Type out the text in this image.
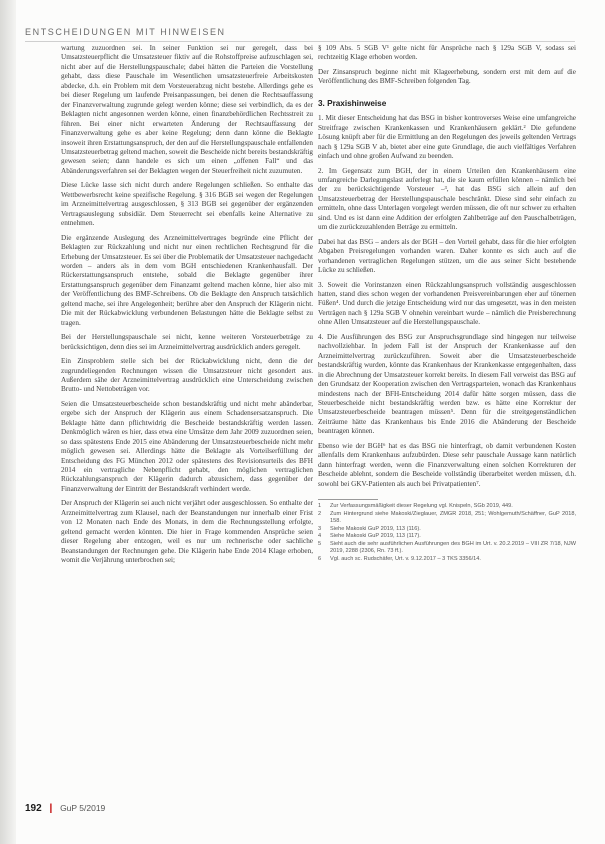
ENTSCHEIDUNGEN MIT HINWEISEN

wartung zuzuordnen sei. In seiner Funktion sei nur geregelt, dass bei Umsatzsteuerpflicht die Umsatzsteuer fiktiv auf die Rohstoffpreise aufzuschlagen sei, nicht aber auf die Herstellungspauschale; dabei hätten die Parteien die Vorstellung gehabt, dass diese Pauschale im Wesentlichen umsatzsteuerfreie Arbeitskosten abdecke, d.h. ein Problem mit dem Vorsteuerabzug nicht bestehe. Allerdings gehe es bei dieser Regelung um laufende Preisanpassungen, bei denen die Rechtsauffassung der Finanzverwaltung zugrunde gelegt werden könne; diese sei verbindlich, da es der Beklagten nicht angesonnen werden könne, einen finanzbehördlichen Rechtsstreit zu führen. Bei einer nicht erwarteten Änderung der Rechtsauffassung der Finanzverwaltung gehe es aber keine Regelung; denn dann könne die Beklagte insoweit ihren Erstattungsanspruch, der den auf die Herstellungspauschale entfallenden Umsatzsteuerbetrag geltend machen, soweit die Bescheide nicht bereits bestandskräftig gewesen seien; dann handele es sich um einen „offenen Fall“ und das Abänderungsverfahren sei der Beklagten wegen der Steuerfreiheit nicht zuzumuten.

Diese Lücke lasse sich nicht durch andere Regelungen schließen. So enthalte das Wettbewerbsrecht keine spezifische Regelung. § 316 BGB sei wegen der Regelungen im Arzneimittelvertrag ausgeschlossen, § 313 BGB sei gegenüber der ergänzenden Vertragsauslegung subsidiär. Dem Steuerrecht sei ebenfalls keine Alternative zu entnehmen.

Die ergänzende Auslegung des Arzneimittelvertrages begründe eine Pflicht der Beklagten zur Rückzahlung und nicht nur einen rechtlichen Rechtsgrund für die Erhebung der Umsatzsteuer. Es sei über die Problematik der Umsatzsteuer nachgedacht worden – anders als in dem vom BGH entschiedenen Krankenhausfall. Der Rückerstattungsanspruch entstehe, sobald die Beklagte gegenüber ihrer Erstattungsanspruch gegenüber dem Finanzamt geltend machen könne, hier also mit der Veröffentlichung des BMF-Schreibens. Ob die Beklagte den Anspruch tatsächlich geltend mache, sei ihre Angelegenheit; berühre aber den Anspruch der Klägerin nicht. Die mit der Rückabwicklung verbundenen Belastungen hätte die Beklagte selbst zu tragen.

Bei der Herstellungspauschale sei nicht, kenne weiteren Vorsteuerbeträge zu berücksichtigen, denn dies sei im Arzneimittelvertrag ausdrücklich anders geregelt.

Ein Zinsproblem stelle sich bei der Rückabwicklung nicht, denn die der zugrundeliegenden Rechnungen wissen die Umsatzsteuer nicht gesondert aus. Außerdem sähe der Arzneimittelvertrag ausdrücklich eine Unterscheidung zwischen Brutto- und Nettobeträgen vor.

Seien die Umsatzsteuerbescheide schon bestandskräftig und nicht mehr abänderbar, ergebe sich der Anspruch der Klägerin aus einem Schadensersatzanspruch. Die Beklagte hätte dann pflichtwidrig die Bescheide bestandskräftig werden lassen. Denkmöglich wären es hier, dass etwa eine Umsätze dem Jahr 2009 zuzuordnen seien, so dass spätestens Ende 2015 eine Abänderung der Umsatzsteuerbescheide nicht mehr möglich gewesen sei. Allerdings hätte die Beklagte als Vorteilserfüllung der Entscheidung des FG München 2012 oder spätestens des Revisionsurteils des BFH 2014 ein vertragliche Nebenpflicht gehabt, den möglichen vertraglichen Rückzahlungsanspruch der Klägerin dadurch abzusichern, dass gegenüber der Finanzverwaltung der Eintritt der Bestandskraft verhindert werde.

Der Anspruch der Klägerin sei auch nicht verjährt oder ausgeschlossen. So enthalte der Arzneimittelvertrag zum Klausel, nach der Beanstandungen nur innerhalb einer Frist von 12 Monaten nach Ende des Monats, in dem die Rechnungsstellung erfolgte, geltend gemacht werden könnten. Die hier in Frage kommenden Ansprüche seien dieser Regelung aber entzogen, weil es nur um rechnerische oder sachliche Beanstandungen der Rechnungen gehe. Die Klägerin habe Ende 2014 Klage erhoben, womit die Verjährung unterbrochen sei;

§ 109 Abs. 5 SGB V¹ gelte nicht für Ansprüche nach § 129a SGB V, sodass sei rechtzeitig Klage erhoben worden.

Der Zinsanspruch beginne nicht mit Klageerhebung, sondern erst mit dem auf die Veröffentlichung des BMF-Schreiben folgenden Tag.

3. Praxishinweise

1. Mit dieser Entscheidung hat das BSG in bisher kontroverses Weise eine umfangreiche Streitfrage zwischen Krankenkassen und Krankenhäusern geklärt.² Die gefundene Lösung knüpft aber für die Ermittlung an den Regelungen des jeweils geltenden Vertrags nach § 129a SGB V ab, bietet aber eine gute Grundlage, die auch vielfältiges Verfahren einfach und ohne großen Aufwand zu beenden.

2. Im Gegensatz zum BGH, der in einem Urteilen den Krankenhäusern eine umfangreiche Darlegungslast auferlegt hat, die sie kaum erfüllen können – nämlich bei der zu berücksichtigende Vorsteuer –³, hat das BSG sich allein auf den Umsatzsteuerbetrag der Herstellungspauschale beschränkt. Diese sind sehr einfach zu ermitteln, ohne dass Unterlagen vorgelegt werden müssen, die oft nur schwer zu erhalten sind. Und es ist dann eine Addition der erfolgten Zahlbeträge auf den Pauschalbeträgen, um die zurückzuzahlenden Beträge zu ermitteln.

Dabei hat das BSG – anders als der BGH – den Vorteil gehabt, dass für die hier erfolgten Abgaben Preisregelungen vorhanden waren. Daher konnte es sich auch auf die vorhandenen vertraglichen Regelungen stützen, um die aus seiner Sicht bestehende Lücke zu schließen.

3. Soweit die Vorinstanzen einen Rückzahlungsanspruch vollständig ausgeschlossen hatten, stand dies schon wegen der vorhandenen Preisvereinbarungen eher auf tönernen Füßen⁴. Und durch die jetzige Entscheidung wird nur das umgesetzt, was in den meisten Verträgen nach § 129a SGB V ohnehin vereinbart wurde – nämlich die Preisberechnung ohne Allen Umsatzsteuer auf die Herstellungspauschale.

4. Die Ausführungen des BSG zur Anspruchsgrundlage sind hingegen nur teilweise nachvollziehbar. In jedem Fall ist der Anspruch der Krankenkasse auf den Arzneimittelvertrag zurückzuführen. Soweit aber die Umsatzsteuerbescheide bestandskräftig wurden, könnte das Krankenhaus der Krankenkasse entgegenhalten, dass in die Abrechnung der Umsatzsteuer korrekt bereits. In diesem Fall verweist das BSG auf den Grundsatz der Kooperation zwischen den Vertragsparteien, wonach das Krankenhaus mindestens nach der BFH-Entscheidung 2014 dafür hätte sorgen müssen, dass die Steuerbescheide nicht bestandskräftig werden bzw. es hätte eine Korrektur der Umsatzsteuerbescheide beantragen müssen⁵. Denn für die streitgegenständlichen Zeiträume hätte das Krankenhaus bis Ende 2016 die Abänderung der Bescheide beantragen können.

Ebenso wie der BGH⁶ hat es das BSG nie hinterfragt, ob damit verbundenen Kosten allenfalls dem Krankenhaus aufzubürden. Diese sehr pauschale Aussage kann natürlich dann hinterfragt werden, wenn die Finanzverwaltung einen solchen Korrekturen der Bescheide ablehnt, sondern die Bescheide vollständig überarbeitet werden müssen, d.h. sowohl bei GKV-Patienten als auch bei Privatpatienten⁷.

1	Zur Verfassungsmäßigkeit dieser Regelung vgl. Knispeln, SGb 2019, 449.
2	Zum Hintergrund siehe Makoski/Zieglauer, ZMGR 2018, 251; Wohlgemuth/Schäffner, GuP 2018, 158.
3	Siehe Makoski GuP 2019, 113 (116).
4	Siehe Makoski GuP 2019, 113 (117).
5	Sieht auch die sehr ausführlichen Ausführungen des BGH im Urt. v. 20.2.2019 – VIII ZR 7/18, NJW 2019, 2288 (2306, Rn. 73 ff.).
6	Vgl. auch sc. Rudschäfer, Urt. v. 9.12.2017 – 3 TKS 3356/14.
192 | GuP 5/2019
